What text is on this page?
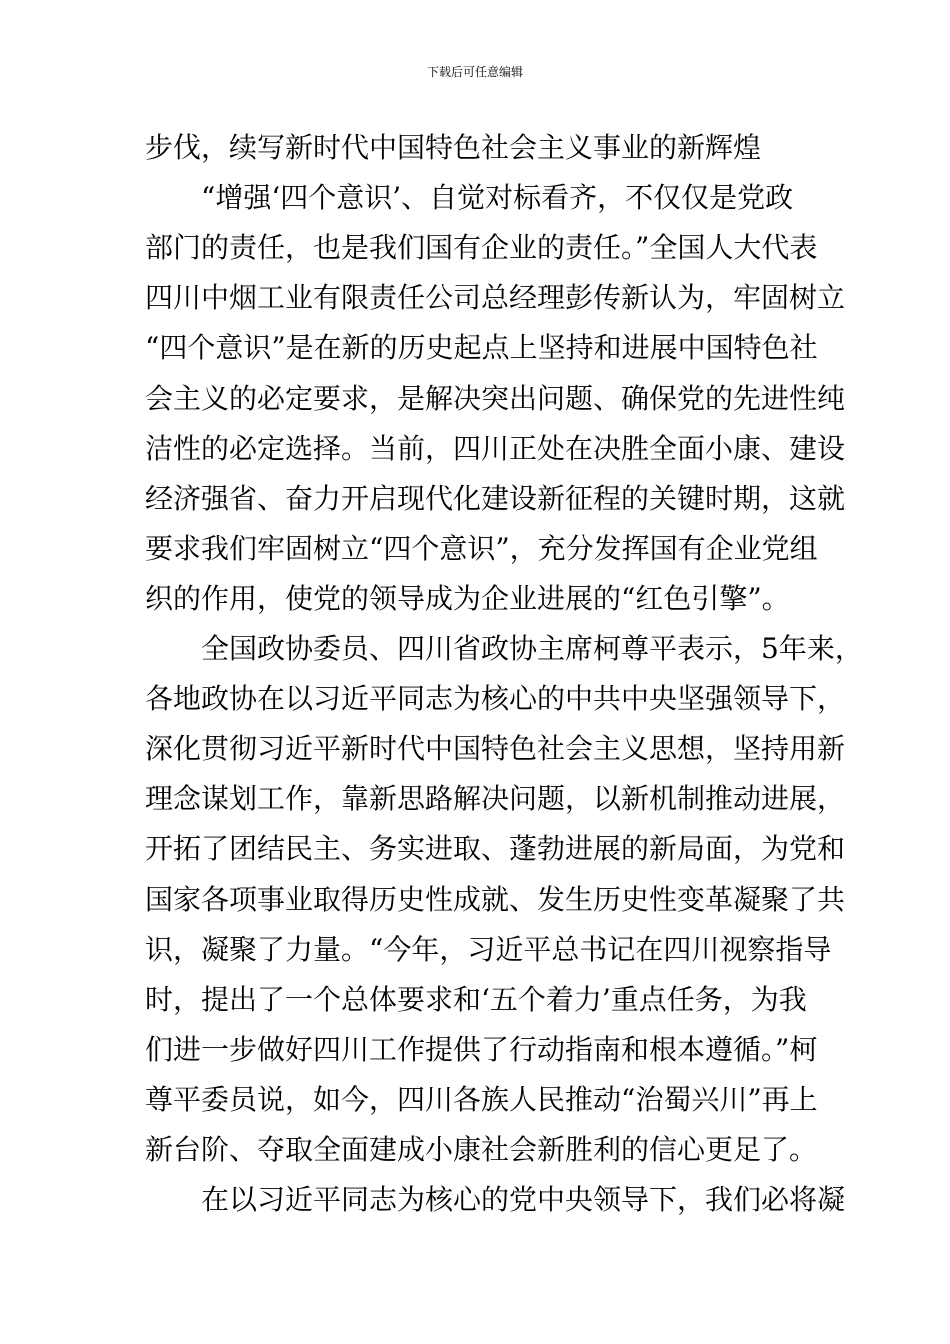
下载后可任意编辑
步伐，续写新时代中国特色社会主义事业的新辉煌
　　“增强‘四个意识’、自觉对标看齐，不仅仅是党政
部门的责任，也是我们国有企业的责任。”全国人大代表
四川中烟工业有限责任公司总经理彭传新认为，牢固树立
“四个意识”是在新的历史起点上坚持和进展中国特色社
会主义的必定要求，是解决突出问题、确保党的先进性纯
洁性的必定选择。当前，四川正处在决胜全面小康、建设
经济强省、奋力开启现代化建设新征程的关键时期，这就
要求我们牢固树立“四个意识”，充分发挥国有企业党组
织的作用，使党的领导成为企业进展的“红色引擎”。
　　全国政协委员、四川省政协主席柯尊平表示，5年来，
各地政协在以习近平同志为核心的中共中央坚强领导下，
深化贯彻习近平新时代中国特色社会主义思想，坚持用新
理念谋划工作，靠新思路解决问题，以新机制推动进展，
开拓了团结民主、务实进取、蓬勃进展的新局面，为党和
国家各项事业取得历史性成就、发生历史性变革凝聚了共
识，凝聚了力量。“今年，习近平总书记在四川视察指导
时，提出了一个总体要求和‘五个着力’重点任务，为我
们进一步做好四川工作提供了行动指南和根本遵循。”柯
尊平委员说，如今，四川各族人民推动“治蜀兴川”再上
新台阶、夺取全面建成小康社会新胜利的信心更足了。
　　在以习近平同志为核心的党中央领导下，我们必将凝
